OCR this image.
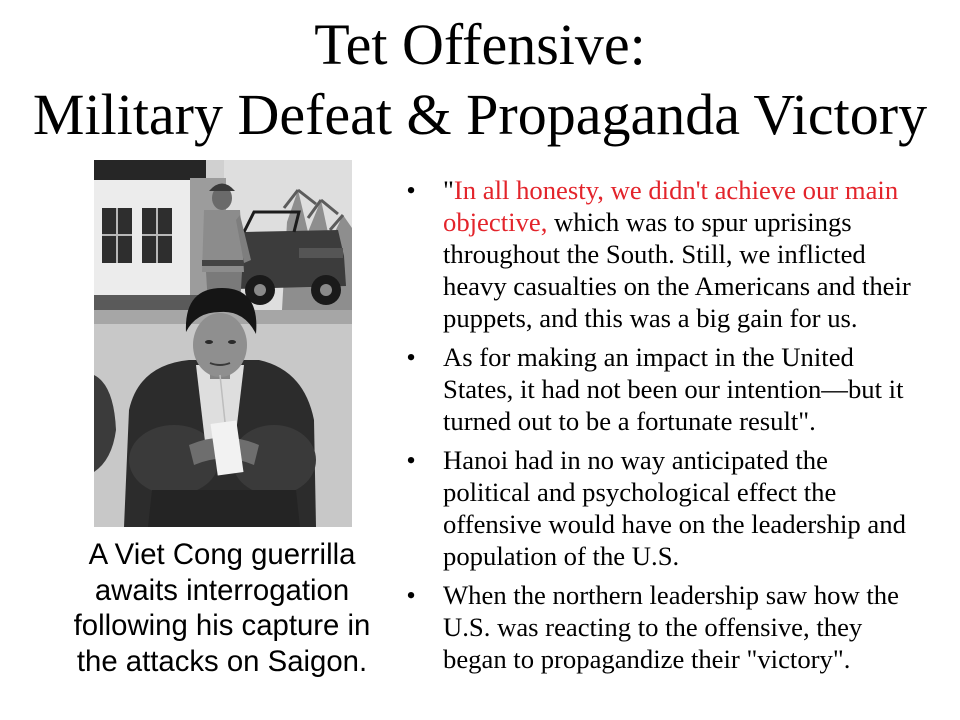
Tet Offensive:
Military Defeat & Propaganda Victory

A Viet Cong guerrilla awaits interrogation following his capture in the attacks on Saigon.

• "In all honesty, we didn't achieve our main objective, which was to spur uprisings throughout the South. Still, we inflicted heavy casualties on the Americans and their puppets, and this was a big gain for us.
• As for making an impact in the United States, it had not been our intention—but it turned out to be a fortunate result".
• Hanoi had in no way anticipated the political and psychological effect the offensive would have on the leadership and population of the U.S.
• When the northern leadership saw how the U.S. was reacting to the offensive, they began to propagandize their "victory".
